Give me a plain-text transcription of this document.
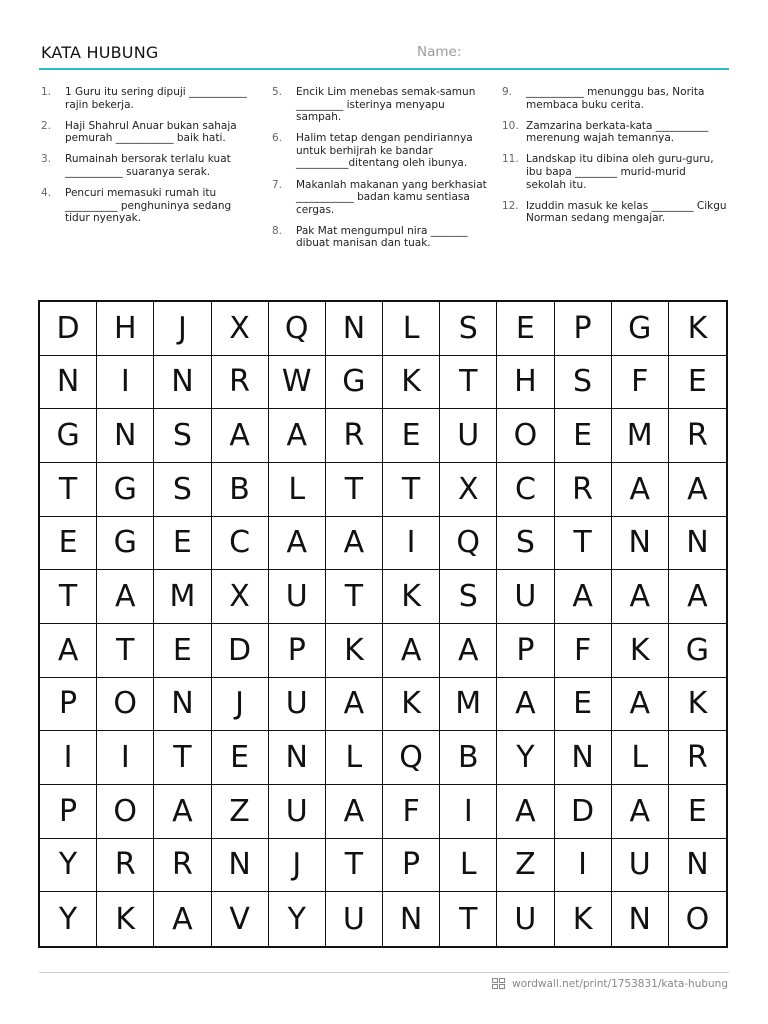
KATA HUBUNG	Name:
1. 1 Guru itu sering dipuji ___________ rajin bekerja.
2. Haji Shahrul Anuar bukan sahaja pemurah ___________ baik hati.
3. Rumainah bersorak terlalu kuat ___________ suaranya serak.
4. Pencuri memasuki rumah itu __________ penghuninya sedang tidur nyenyak.
5. Encik Lim menebas semak-samun _________ isterinya menyapu sampah.
6. Halim tetap dengan pendiriannya untuk berhijrah ke bandar __________ditentang oleh ibunya.
7. Makanlah makanan yang berkhasiat ___________ badan kamu sentiasa cergas.
8. Pak Mat mengumpul nira _______ dibuat manisan dan tuak.
9. ___________ menunggu bas, Norita membaca buku cerita.
10. Zamzarina berkata-kata __________ merenung wajah temannya.
11. Landskap itu dibina oleh guru-guru, ibu bapa ________ murid-murid sekolah itu.
12. Izuddin masuk ke kelas ________ Cikgu Norman sedang mengajar.
D	H	J	X	Q	N	L	S	E	P	G	K
N	I	N	R	W	G	K	T	H	S	F	E
G	N	S	A	A	R	E	U	O	E	M	R
T	G	S	B	L	T	T	X	C	R	A	A
E	G	E	C	A	A	I	Q	S	T	N	N
T	A	M	X	U	T	K	S	U	A	A	A
A	T	E	D	P	K	A	A	P	F	K	G
P	O	N	J	U	A	K	M	A	E	A	K
I	I	T	E	N	L	Q	B	Y	N	L	R
P	O	A	Z	U	A	F	I	A	D	A	E
Y	R	R	N	J	T	P	L	Z	I	U	N
Y	K	A	V	Y	U	N	T	U	K	N	O
wordwall.net/print/1753831/kata-hubung
